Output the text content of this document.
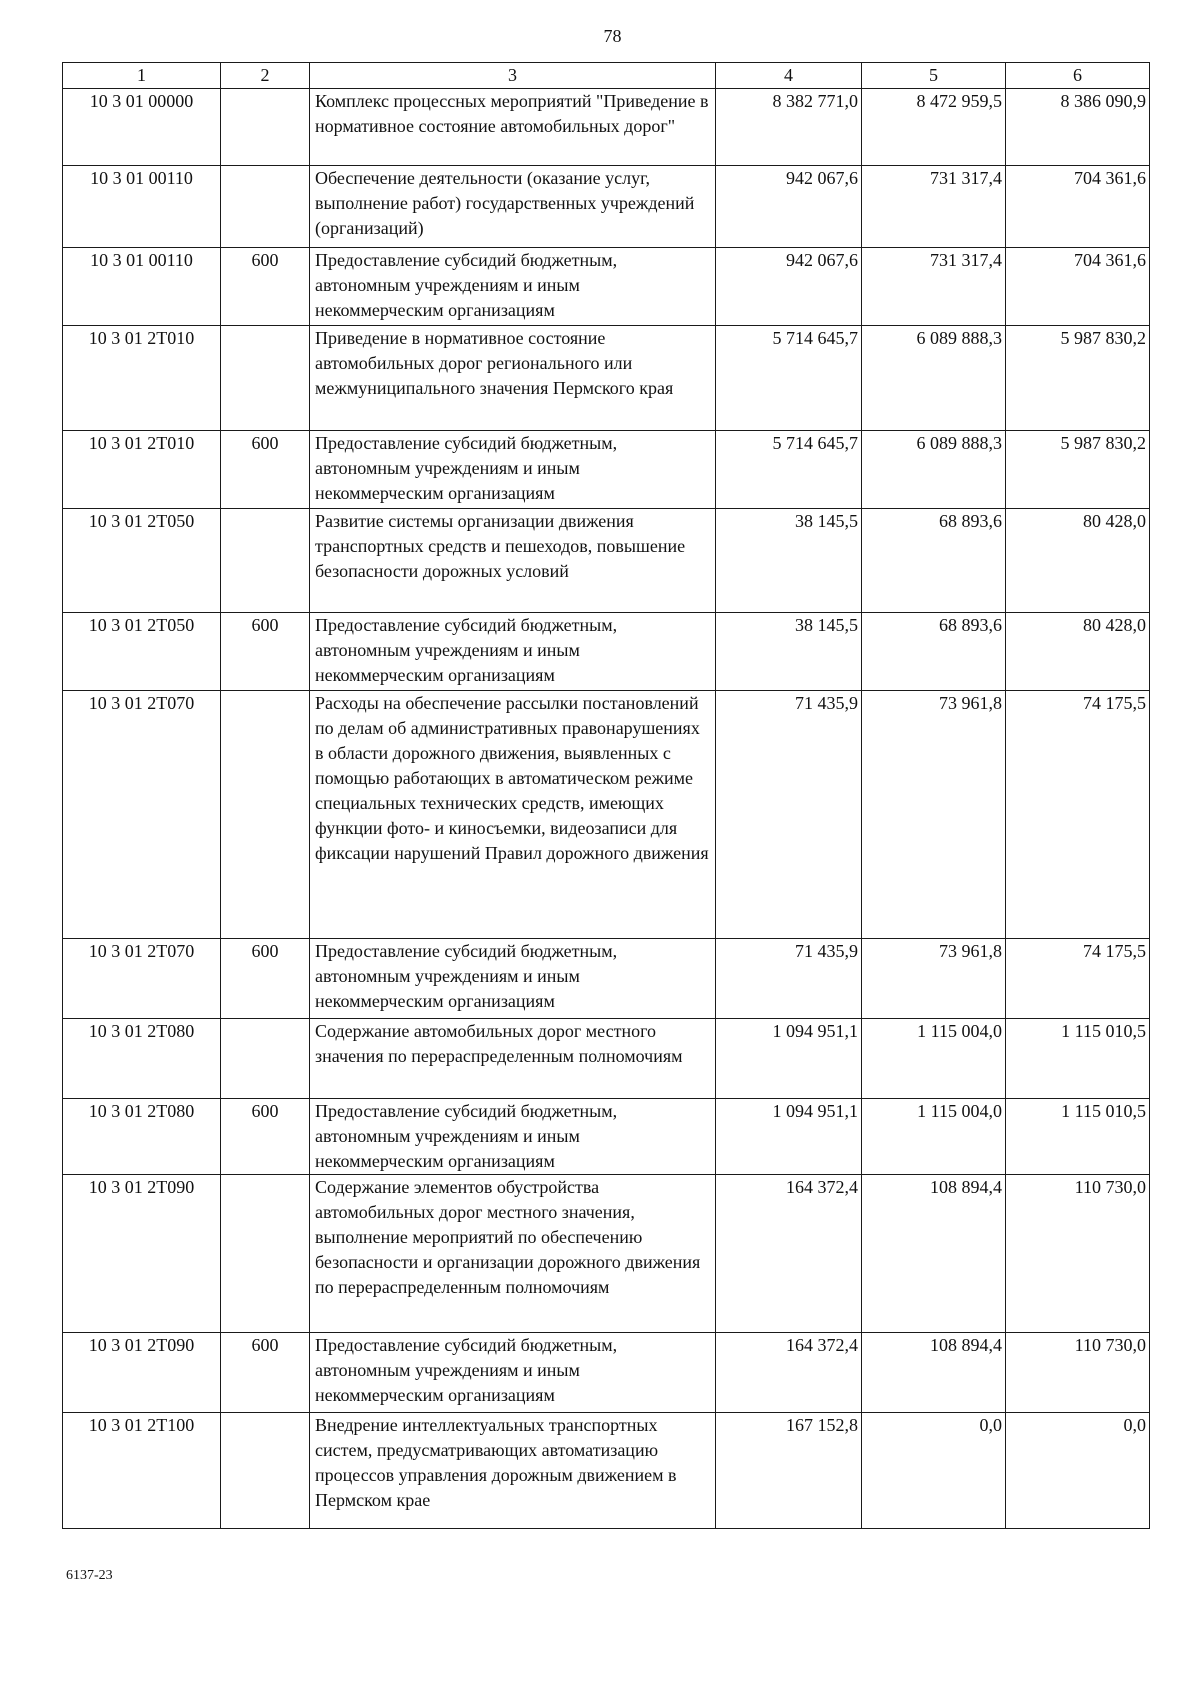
78
1	2	3	4	5	6
10 3 01 00000		Комплекс процессных мероприятий "Приведение в нормативное состояние автомобильных дорог"	8 382 771,0	8 472 959,5	8 386 090,9
10 3 01 00110		Обеспечение деятельности (оказание услуг, выполнение работ) государственных учреждений (организаций)	942 067,6	731 317,4	704 361,6
10 3 01 00110	600	Предоставление субсидий бюджетным, автономным учреждениям и иным некоммерческим организациям	942 067,6	731 317,4	704 361,6
10 3 01 2Т010		Приведение в нормативное состояние автомобильных дорог регионального или межмуниципального значения Пермского края	5 714 645,7	6 089 888,3	5 987 830,2
10 3 01 2Т010	600	Предоставление субсидий бюджетным, автономным учреждениям и иным некоммерческим организациям	5 714 645,7	6 089 888,3	5 987 830,2
10 3 01 2Т050		Развитие системы организации движения транспортных средств и пешеходов, повышение безопасности дорожных условий	38 145,5	68 893,6	80 428,0
10 3 01 2Т050	600	Предоставление субсидий бюджетным, автономным учреждениям и иным некоммерческим организациям	38 145,5	68 893,6	80 428,0
10 3 01 2Т070		Расходы на обеспечение рассылки постановлений по делам об административных правонарушениях в области дорожного движения, выявленных с помощью работающих в автоматическом режиме специальных технических средств, имеющих функции фото- и киносъемки, видеозаписи для фиксации нарушений Правил дорожного движения	71 435,9	73 961,8	74 175,5
10 3 01 2Т070	600	Предоставление субсидий бюджетным, автономным учреждениям и иным некоммерческим организациям	71 435,9	73 961,8	74 175,5
10 3 01 2Т080		Содержание автомобильных дорог местного значения по перераспределенным полномочиям	1 094 951,1	1 115 004,0	1 115 010,5
10 3 01 2Т080	600	Предоставление субсидий бюджетным, автономным учреждениям и иным некоммерческим организациям	1 094 951,1	1 115 004,0	1 115 010,5
10 3 01 2Т090		Содержание элементов обустройства автомобильных дорог местного значения, выполнение мероприятий по обеспечению безопасности и организации дорожного движения по перераспределенным полномочиям	164 372,4	108 894,4	110 730,0
10 3 01 2Т090	600	Предоставление субсидий бюджетным, автономным учреждениям и иным некоммерческим организациям	164 372,4	108 894,4	110 730,0
10 3 01 2Т100		Внедрение интеллектуальных транспортных систем, предусматривающих автоматизацию процессов управления дорожным движением в Пермском крае	167 152,8	0,0	0,0
6137-23
